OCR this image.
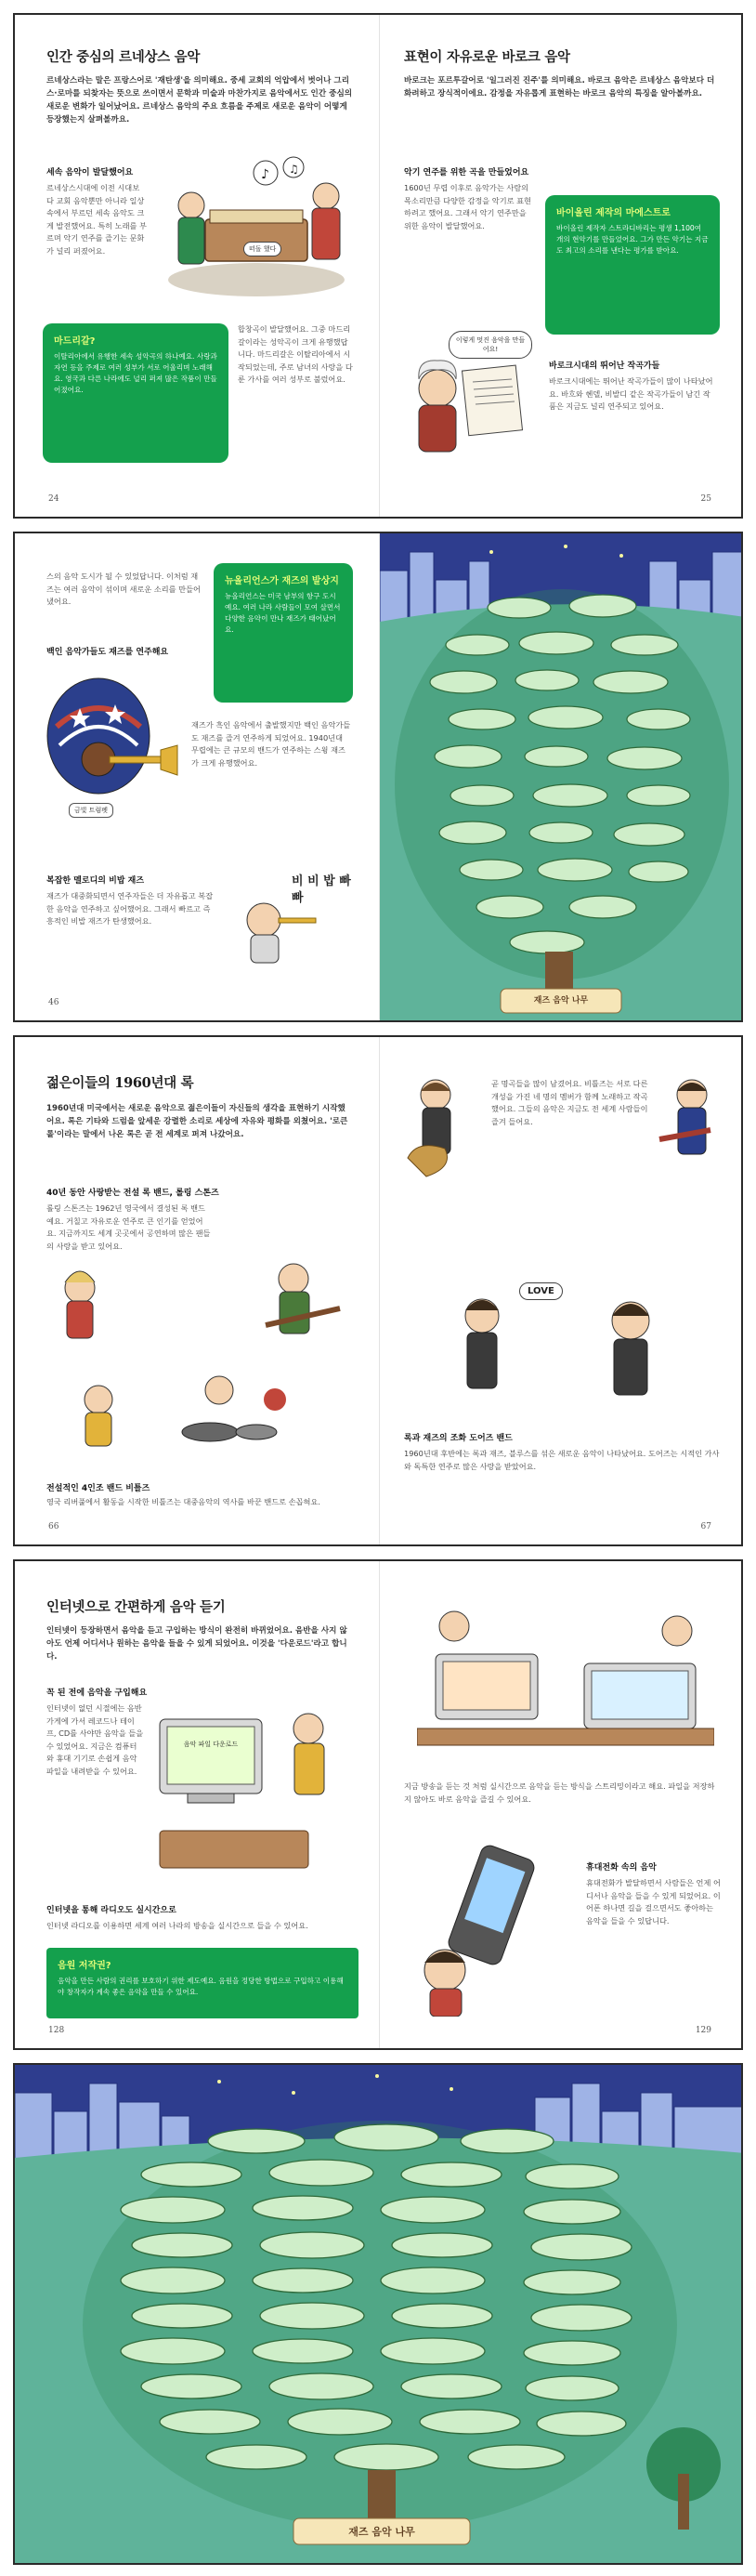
인간 중심의 르네상스 음악
르네상스라는 말은 프랑스어로 '재탄생'을 의미해요. 중세 교회의 억압에서 벗어나 그리스·로마를 되찾자는 뜻으로 쓰이면서 문학과 미술과 마찬가지로 음악에서도 인간 중심의 새로운 변화가 일어났어요. 르네상스 음악의 주요 흐름을 주제로 새로운 음악이 어떻게 등장했는지 살펴볼까요.
세속 음악이 발달했어요
르네상스시대에 이전 시대보다 교회 음악뿐만 아니라 일상 속에서 부르던 세속 음악도 크게 발전했어요. 특히 노래를 부르며 악기 연주를 즐기는 문화가 널리 퍼졌어요.
♪ ♫
떠돌 했다
마드리갈?
이탈리아에서 유행한 세속 성악곡의 하나예요. 사랑과 자연 등을 주제로 여러 성부가 서로 어울리며 노래해요. 영국과 다른 나라에도 널리 퍼져 많은 작품이 만들어졌어요.
합창곡이 발달했어요. 그중 마드리갈이라는 성악곡이 크게 유행했답니다. 마드리갈은 이탈리아에서 시작되었는데, 주로 남녀의 사랑을 다룬 가사를 여러 성부로 불렀어요.
24
표현이 자유로운 바로크 음악
바로크는 포르투갈어로 '일그러진 진주'를 의미해요. 바로크 음악은 르네상스 음악보다 더 화려하고 장식적이에요. 감정을 자유롭게 표현하는 바로크 음악의 특징을 알아볼까요.
악기 연주를 위한 곡을 만들었어요
1600년 무렵 이후로 음악가는 사람의 목소리만큼 다양한 감정을 악기로 표현하려고 했어요. 그래서 악기 연주만을 위한 음악이 발달했어요.
바이올린 제작의 마에스트로
바이올린 제작자 스트라디바리는 평생 1,100여 개의 현악기를 만들었어요. 그가 만든 악기는 지금도 최고의 소리를 낸다는 평가를 받아요.
이렇게 멋진 음악을 만들어요!
바로크시대의 뛰어난 작곡가들
바로크시대에는 뛰어난 작곡가들이 많이 나타났어요. 바흐와 헨델, 비발디 같은 작곡가들이 남긴 작품은 지금도 널리 연주되고 있어요.
25
스의 음악 도시가 될 수 있었답니다. 이처럼 재즈는 여러 음악이 섞이며 새로운 소리를 만들어 냈어요.
뉴올리언스가 재즈의 발상지
뉴올리언스는 미국 남부의 항구 도시예요. 여러 나라 사람들이 모여 살면서 다양한 음악이 만나 재즈가 태어났어요.
백인 음악가들도 재즈를 연주해요
금빛 트럼펫
재즈가 흑인 음악에서 출발했지만 백인 음악가들도 재즈를 즐겨 연주하게 되었어요. 1940년대 무렵에는 큰 규모의 밴드가 연주하는 스윙 재즈가 크게 유행했어요.
복잡한 멜로디의 비밥 재즈
재즈가 대중화되면서 연주자들은 더 자유롭고 복잡한 음악을 연주하고 싶어했어요. 그래서 빠르고 즉흥적인 비밥 재즈가 탄생했어요.
비 비 밥 빠 빠
46	재즈 음악 나무
젊은이들의 1960년대 록
1960년대 미국에서는 새로운 음악으로 젊은이들이 자신들의 생각을 표현하기 시작했어요. 록은 기타와 드럼을 앞세운 강렬한 소리로 세상에 자유와 평화를 외쳤어요. '로큰롤'이라는 말에서 나온 록은 곧 전 세계로 퍼져 나갔어요.
40년 동안 사랑받는 전설 록 밴드, 롤링 스톤즈
롤링 스톤즈는 1962년 영국에서 결성된 록 밴드예요. 거칠고 자유로운 연주로 큰 인기를 얻었어요. 지금까지도 세계 곳곳에서 공연하며 많은 팬들의 사랑을 받고 있어요.
전설적인 4인조 밴드 비틀즈
영국 리버풀에서 활동을 시작한 비틀즈는 대중음악의 역사를 바꾼 밴드로 손꼽혀요.
66
곧 명곡들을 많이 남겼어요. 비틀즈는 서로 다른 개성을 가진 네 명의 멤버가 함께 노래하고 작곡했어요. 그들의 음악은 지금도 전 세계 사람들이 즐겨 들어요.
LOVE
록과 재즈의 조화 도어즈 밴드
1960년대 후반에는 록과 재즈, 블루스를 섞은 새로운 음악이 나타났어요. 도어즈는 시적인 가사와 독특한 연주로 많은 사랑을 받았어요.
67
인터넷으로 간편하게 음악 듣기
인터넷이 등장하면서 음악을 듣고 구입하는 방식이 완전히 바뀌었어요. 음반을 사지 않아도 언제 어디서나 원하는 음악을 들을 수 있게 되었어요. 이것을 '다운로드'라고 합니다.
꼭 된 전에 음악을 구입해요
인터넷이 없던 시절에는 음반 가게에 가서 레코드나 테이프, CD를 사야만 음악을 들을 수 있었어요. 지금은 컴퓨터와 휴대 기기로 손쉽게 음악 파일을 내려받을 수 있어요.
음악 파일 다운로드
인터넷을 통해 라디오도 실시간으로
인터넷 라디오를 이용하면 세계 여러 나라의 방송을 실시간으로 들을 수 있어요.
음원 저작권?
음악을 만든 사람의 권리를 보호하기 위한 제도예요. 음원을 정당한 방법으로 구입하고 이용해야 창작자가 계속 좋은 음악을 만들 수 있어요.
128
지금 방송을 듣는 것 처럼 실시간으로 음악을 듣는 방식을 스트리밍이라고 해요. 파일을 저장하지 않아도 바로 음악을 즐길 수 있어요.
휴대전화 속의 음악
휴대전화가 발달하면서 사람들은 언제 어디서나 음악을 들을 수 있게 되었어요. 이어폰 하나면 길을 걸으면서도 좋아하는 음악을 들을 수 있답니다.
129
재즈 음악 나무
